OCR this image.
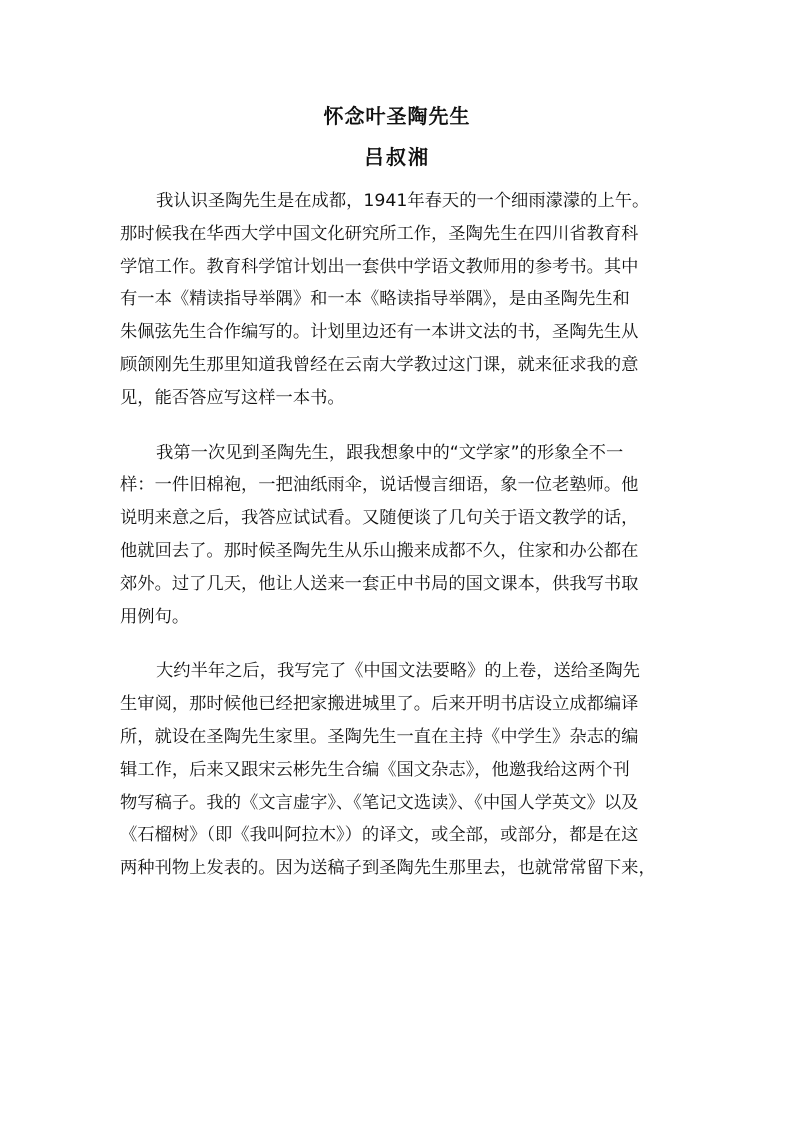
怀念叶圣陶先生
吕叔湘
我认识圣陶先生是在成都，1941年春天的一个细雨濛濛的上午。
那时候我在华西大学中国文化研究所工作，圣陶先生在四川省教育科
学馆工作。教育科学馆计划出一套供中学语文教师用的参考书。其中
有一本《精读指导举隅》和一本《略读指导举隅》，是由圣陶先生和
朱佩弦先生合作编写的。计划里边还有一本讲文法的书，圣陶先生从
顾颌刚先生那里知道我曾经在云南大学教过这门课，就来征求我的意
见，能否答应写这样一本书。
我第一次见到圣陶先生，跟我想象中的“文学家”的形象全不一
样：一件旧棉袍，一把油纸雨伞，说话慢言细语，象一位老塾师。他
说明来意之后，我答应试试看。又随便谈了几句关于语文教学的话，
他就回去了。那时候圣陶先生从乐山搬来成都不久，住家和办公都在
郊外。过了几天，他让人送来一套正中书局的国文课本，供我写书取
用例句。
大约半年之后，我写完了《中国文法要略》的上卷，送给圣陶先
生审阅，那时候他已经把家搬进城里了。后来开明书店设立成都编译
所，就设在圣陶先生家里。圣陶先生一直在主持《中学生》杂志的编
辑工作，后来又跟宋云彬先生合编《国文杂志》，他邀我给这两个刊
物写稿子。我的《文言虚字》、《笔记文选读》、《中国人学英文》以及
《石榴树》（即《我叫阿拉木》）的译文，或全部，或部分，都是在这
两种刊物上发表的。因为送稿子到圣陶先生那里去，也就常常留下来，
